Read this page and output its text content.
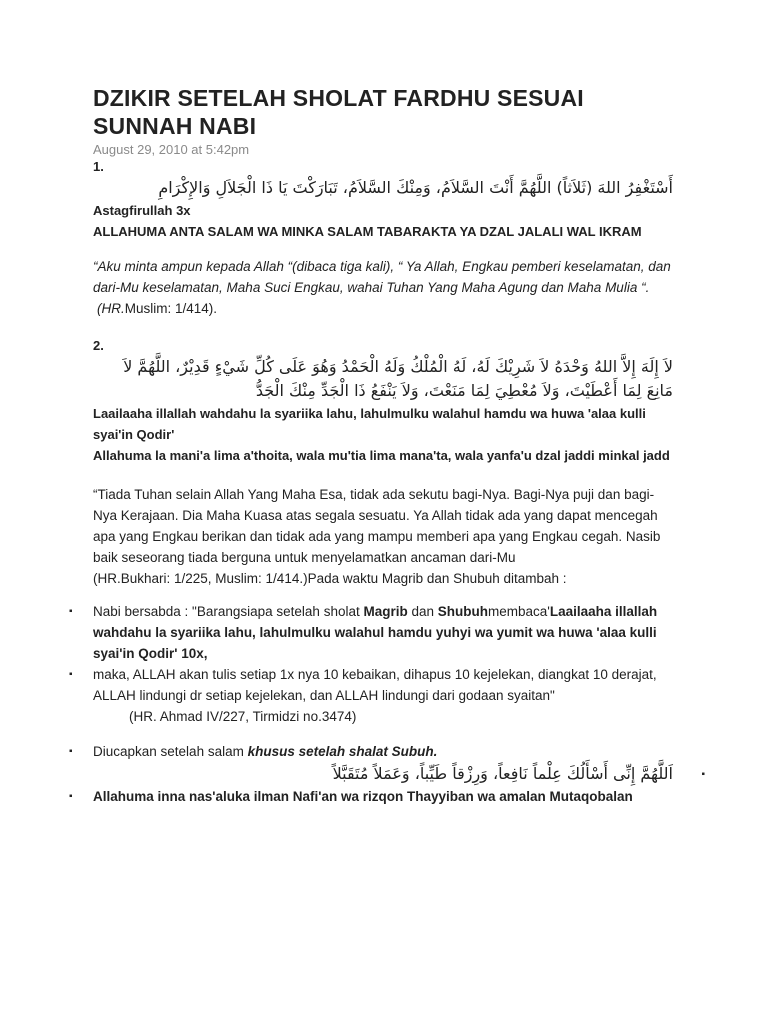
DZIKIR SETELAH SHOLAT FARDHU SESUAI SUNNAH NABI
August 29, 2010 at 5:42pm
1.
أَسْتَغْفِرُ اللهَ (ثَلاَثاً) اللَّهُمَّ أَنْتَ السَّلاَمُ، وَمِنْكَ السَّلاَمُ، تَبَارَكْتَ يَا ذَا الْجَلاَلِ وَالإِكْرَامِ
Astagfirullah 3x
ALLAHUMA ANTA SALAM WA MINKA SALAM TABARAKTA YA DZAL JALALI WAL IKRAM
“Aku minta ampun kepada Allah “(dibaca tiga kali), “ Ya Allah, Engkau pemberi keselamatan, dan dari-Mu keselamatan, Maha Suci Engkau, wahai Tuhan Yang Maha Agung dan Maha Mulia “.
(HR.Muslim: 1/414).
2.
لاَ إِلَهَ إِلاَّ اللهُ وَحْدَهُ لاَ شَرِيْكَ لَهُ، لَهُ الْمُلْكُ وَلَهُ الْحَمْدُ وَهُوَ عَلَى كُلِّ شَيْءٍ قَدِيْرٌ، اللَّهُمَّ لاَ مَانِعَ لِمَا أَعْطَيْتَ، وَلاَ مُعْطِيَ لِمَا مَنَعْتَ، وَلاَ يَنْفَعُ ذَا الْجَدِّ مِنْكَ الْجَدُّ
Laailaaha illallah wahdahu la syariika lahu, lahulmulku walahul hamdu wa huwa 'alaa kulli syai'in Qodir'
Allahuma la mani'a lima a'thoita, wala mu'tia lima mana'ta, wala yanfa'u dzal jaddi minkal jadd
“Tiada Tuhan selain Allah Yang Maha Esa, tidak ada sekutu bagi-Nya. Bagi-Nya puji dan bagi-Nya Kerajaan. Dia Maha Kuasa atas segala sesuatu. Ya Allah tidak ada yang dapat mencegah apa yang Engkau berikan dan tidak ada yang mampu memberi apa yang Engkau cegah. Nasib baik seseorang tiada berguna untuk menyelamatkan ancaman dari-Mu
(HR.Bukhari: 1/225, Muslim: 1/414.)Pada waktu Magrib dan Shubuh ditambah :
▪ Nabi bersabda : "Barangsiapa setelah sholat Magrib dan Shubuhmembaca'Laailaaha illallah wahdahu la syariika lahu, lahulmulku walahul hamdu yuhyi wa yumit wa huwa 'alaa kulli syai'in Qodir' 10x,
▪ maka, ALLAH akan tulis setiap 1x nya 10 kebaikan, dihapus 10 kejelekan, diangkat 10 derajat, ALLAH lindungi dr setiap kejelekan, dan ALLAH lindungi dari godaan syaitan"
(HR. Ahmad IV/227, Tirmidzi no.3474)
▪ Diucapkan setelah salam khusus setelah shalat Subuh.
اَللَّهُمَّ إِنِّى أَسْأَلُكَ عِلْماً نَافِعاً، وَرِزْقاً طَيِّباً، وَعَمَلاً مُتَقَبَّلاً	▪
▪ Allahuma inna nas'aluka ilman Nafi'an wa rizqon Thayyiban wa amalan Mutaqobalan
